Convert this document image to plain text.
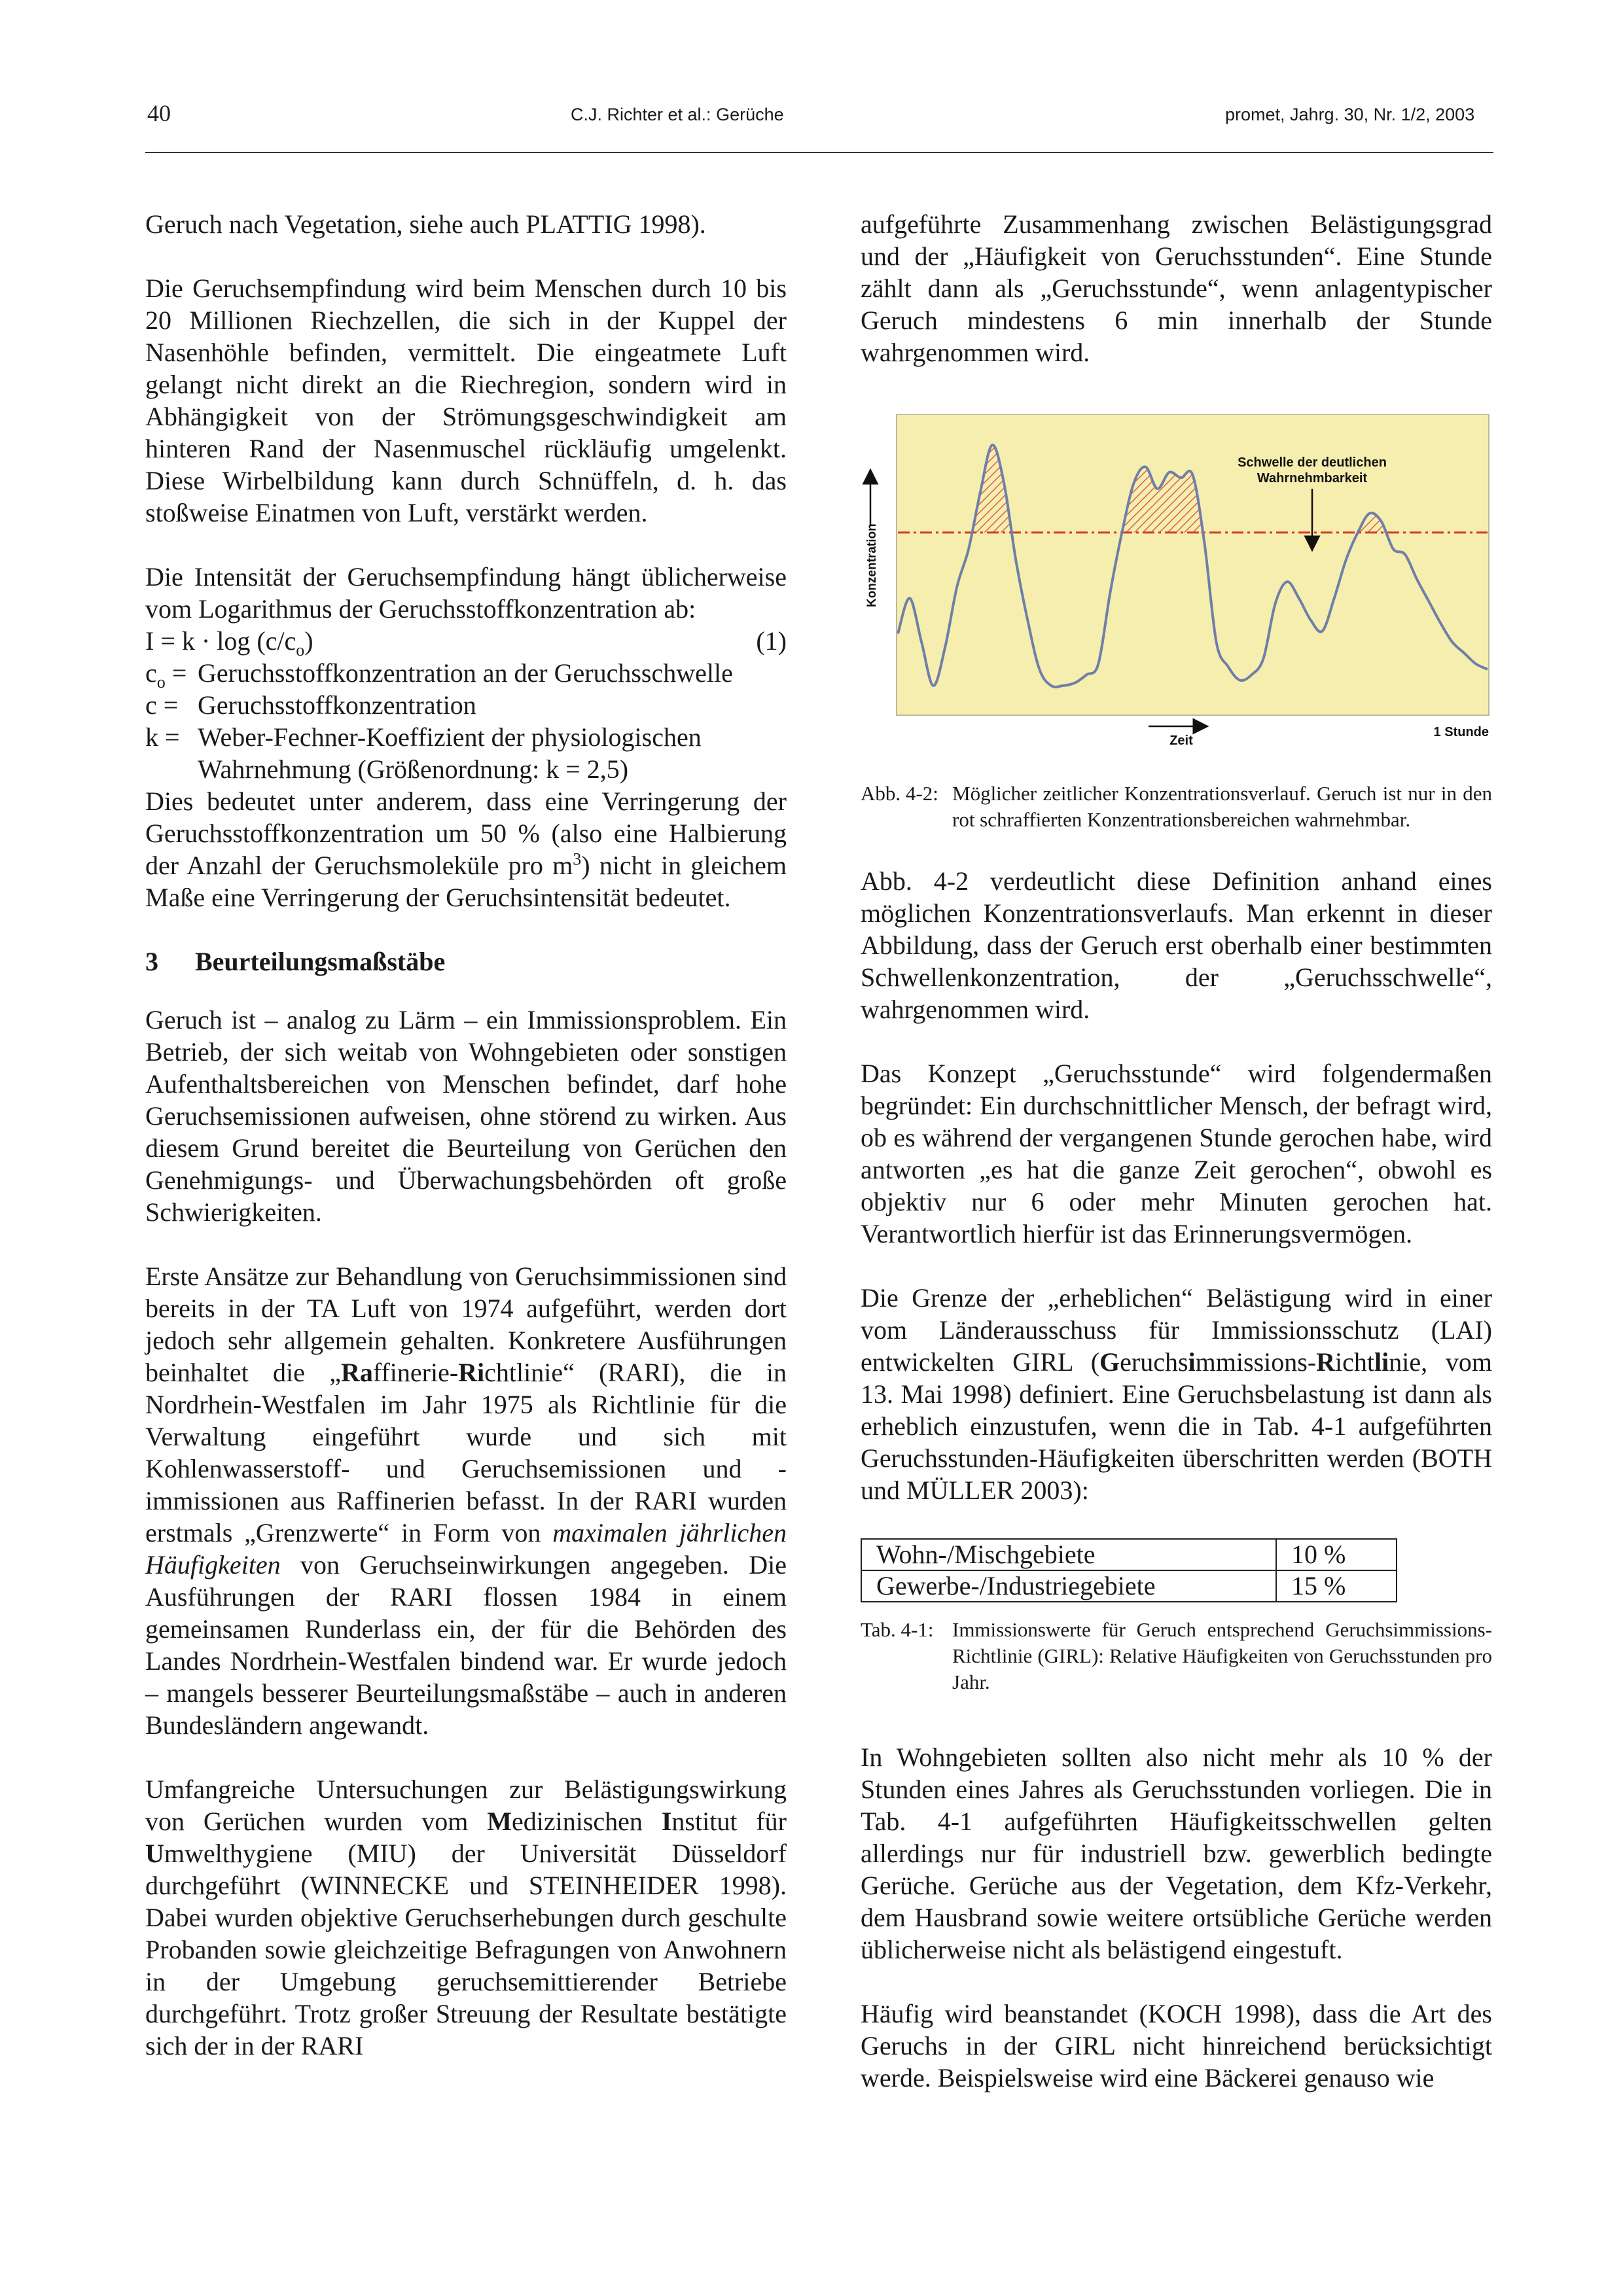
40	C.J. Richter et al.: Gerüche	promet, Jahrg. 30, Nr. 1/2, 2003

Geruch nach Vegetation, siehe auch PLATTIG 1998).

Die Geruchsempfindung wird beim Menschen durch 10 bis 20 Millionen Riechzellen, die sich in der Kuppel der Nasenhöhle befinden, vermittelt. Die eingeatmete Luft gelangt nicht direkt an die Riechregion, sondern wird in Abhängigkeit von der Strömungsgeschwindigkeit am hinteren Rand der Nasenmuschel rückläufig umgelenkt. Diese Wirbelbildung kann durch Schnüffeln, d. h. das stoßweise Einatmen von Luft, verstärkt werden.

Die Intensität der Geruchsempfindung hängt üblicherweise vom Logarithmus der Geruchsstoffkonzentration ab:

$I = k \cdot \log (c/c_o)$	(1)
$c_o$ = Geruchsstoffkonzentration an der Geruchsschwelle
c = Geruchsstoffkonzentration
k = Weber-Fechner-Koeffizient der physiologischen Wahrnehmung (Größenordnung: k = 2,5)

Dies bedeutet unter anderem, dass eine Verringerung der Geruchsstoffkonzentration um 50 % (also eine Halbierung der Anzahl der Geruchsmoleküle pro $m^3$) nicht in gleichem Maße eine Verringerung der Geruchsintensität bedeutet.

3 Beurteilungsmaßstäbe

Geruch ist – analog zu Lärm – ein Immissionsproblem. Ein Betrieb, der sich weitab von Wohngebieten oder sonstigen Aufenthaltsbereichen von Menschen befindet, darf hohe Geruchsemissionen aufweisen, ohne störend zu wirken. Aus diesem Grund bereitet die Beurteilung von Gerüchen den Genehmigungs- und Überwachungsbehörden oft große Schwierigkeiten.

Erste Ansätze zur Behandlung von Geruchsimmissionen sind bereits in der TA Luft von 1974 aufgeführt, werden dort jedoch sehr allgemein gehalten. Konkretere Ausführungen beinhaltet die „Raffinerie-Richtlinie“ (RARI), die in Nordrhein-Westfalen im Jahr 1975 als Richtlinie für die Verwaltung eingeführt wurde und sich mit Kohlenwasserstoff- und Geruchsemissionen und -immissionen aus Raffinerien befasst. In der RARI wurden erstmals „Grenzwerte“ in Form von maximalen jährlichen Häufigkeiten von Geruchseinwirkungen angegeben. Die Ausführungen der RARI flossen 1984 in einem gemeinsamen Runderlass ein, der für die Behörden des Landes Nordrhein-Westfalen bindend war. Er wurde jedoch – mangels besserer Beurteilungsmaßstäbe – auch in anderen Bundesländern angewandt.

Umfangreiche Untersuchungen zur Belästigungswirkung von Gerüchen wurden vom Medizinischen Institut für Umwelthygiene (MIU) der Universität Düsseldorf durchgeführt (WINNECKE und STEINHEIDER 1998). Dabei wurden objektive Geruchserhebungen durch geschulte Probanden sowie gleichzeitige Befragungen von Anwohnern in der Umgebung geruchsemittierender Betriebe durchgeführt. Trotz großer Streuung der Resultate bestätigte sich der in der RARI

aufgeführte Zusammenhang zwischen Belästigungsgrad und der „Häufigkeit von Geruchsstunden“. Eine Stunde zählt dann als „Geruchsstunde“, wenn anlagentypischer Geruch mindestens 6 min innerhalb der Stunde wahrgenommen wird.

Schwelle der deutlichen
Wahrnehmbarkeit
Konzentration
Zeit
1 Stunde
Abb. 4-2: Möglicher zeitlicher Konzentrationsverlauf. Geruch ist nur in den rot schraffierten Konzentrationsbereichen wahrnehmbar.

Abb. 4-2 verdeutlicht diese Definition anhand eines möglichen Konzentrationsverlaufs. Man erkennt in dieser Abbildung, dass der Geruch erst oberhalb einer bestimmten Schwellenkonzentration, der „Geruchsschwelle“, wahrgenommen wird.

Das Konzept „Geruchsstunde“ wird folgendermaßen begründet: Ein durchschnittlicher Mensch, der befragt wird, ob es während der vergangenen Stunde gerochen habe, wird antworten „es hat die ganze Zeit gerochen“, obwohl es objektiv nur 6 oder mehr Minuten gerochen hat. Verantwortlich hierfür ist das Erinnerungsvermögen.

Die Grenze der „erheblichen“ Belästigung wird in einer vom Länderausschuss für Immissionsschutz (LAI) entwickelten GIRL (Geruchsimmissions-Richtlinie, vom 13. Mai 1998) definiert. Eine Geruchsbelastung ist dann als erheblich einzustufen, wenn die in Tab. 4-1 aufgeführten Geruchsstunden-Häufigkeiten überschritten werden (BOTH und MÜLLER 2003):

Wohn-/Mischgebiete	10 %
Gewerbe-/Industriegebiete	15 %
Tab. 4-1: Immissionswerte für Geruch entsprechend Geruchsimmissions-Richtlinie (GIRL): Relative Häufigkeiten von Geruchsstunden pro Jahr.

In Wohngebieten sollten also nicht mehr als 10 % der Stunden eines Jahres als Geruchsstunden vorliegen. Die in Tab. 4-1 aufgeführten Häufigkeitsschwellen gelten allerdings nur für industriell bzw. gewerblich bedingte Gerüche. Gerüche aus der Vegetation, dem Kfz-Verkehr, dem Hausbrand sowie weitere ortsübliche Gerüche werden üblicherweise nicht als belästigend eingestuft.

Häufig wird beanstandet (KOCH 1998), dass die Art des Geruchs in der GIRL nicht hinreichend berücksichtigt werde. Beispielsweise wird eine Bäckerei genauso wie
